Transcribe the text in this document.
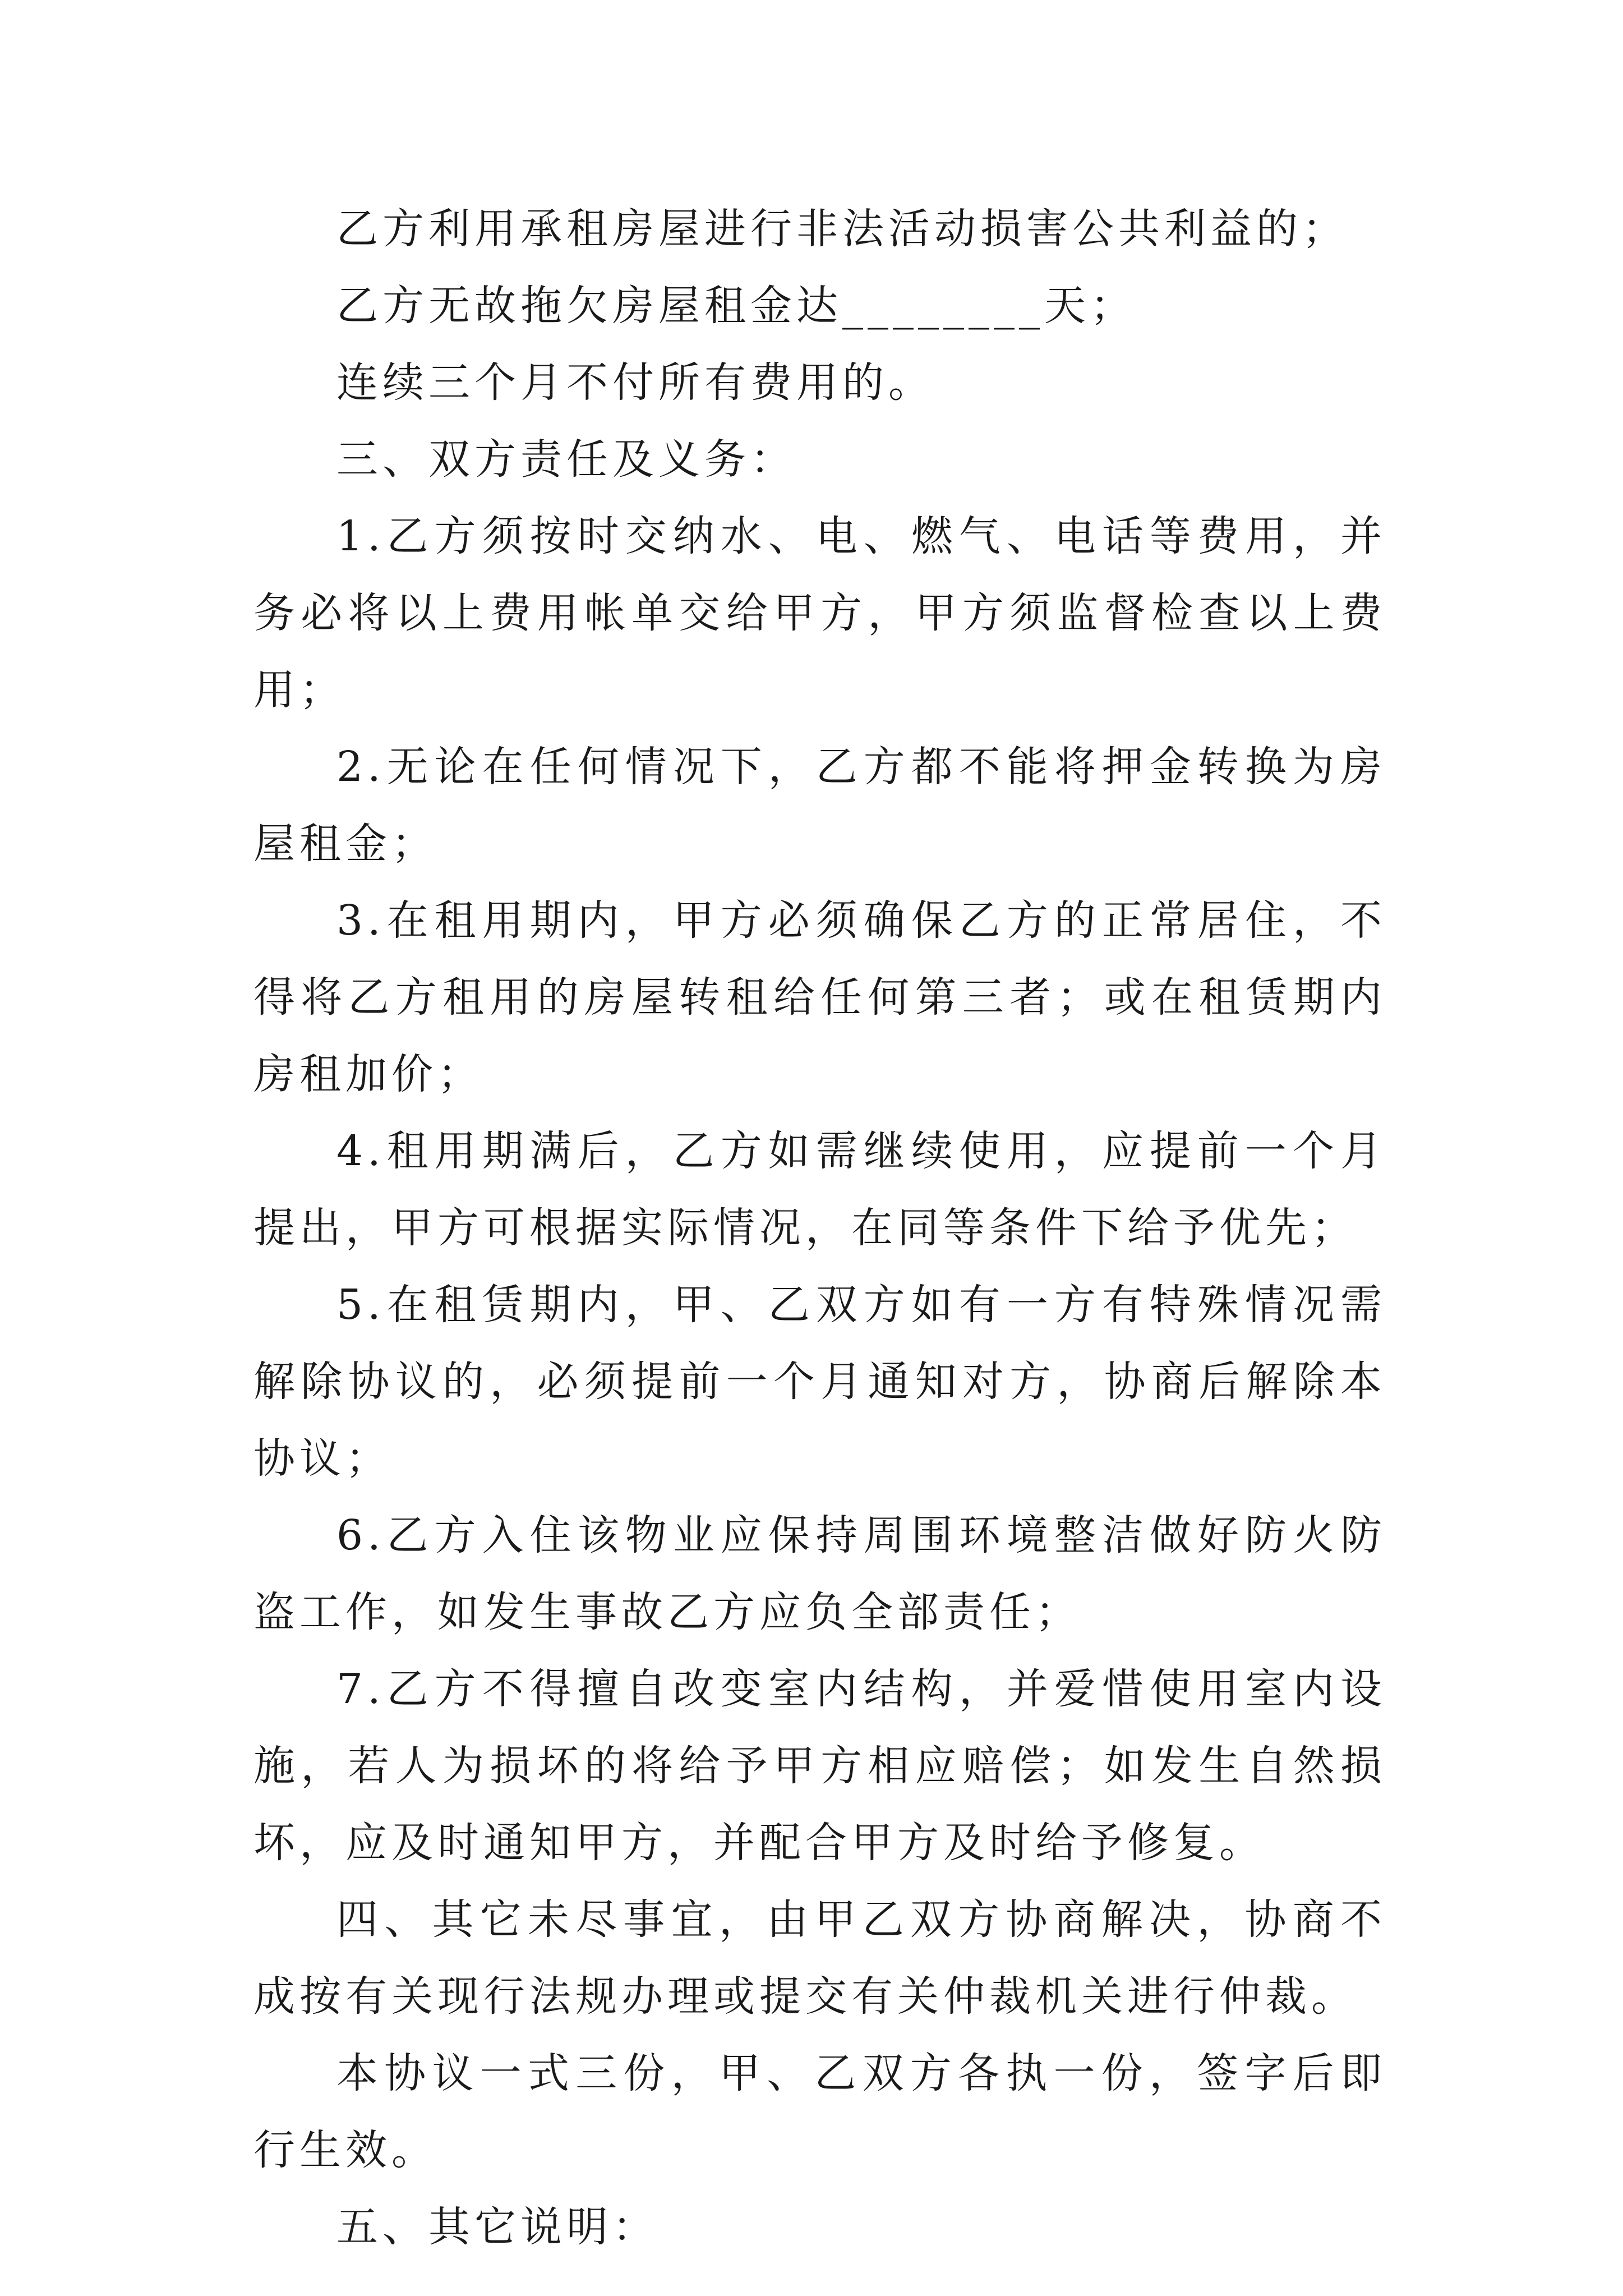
乙方利用承租房屋进行非法活动损害公共利益的；

乙方无故拖欠房屋租金达________天；

连续三个月不付所有费用的。

三、双方责任及义务：

1.乙方须按时交纳水、电、燃气、电话等费用，并务必将以上费用帐单交给甲方，甲方须监督检查以上费用；

2.无论在任何情况下，乙方都不能将押金转换为房屋租金；

3.在租用期内，甲方必须确保乙方的正常居住，不得将乙方租用的房屋转租给任何第三者；或在租赁期内房租加价；

4.租用期满后，乙方如需继续使用，应提前一个月提出，甲方可根据实际情况，在同等条件下给予优先；

5.在租赁期内，甲、乙双方如有一方有特殊情况需解除协议的，必须提前一个月通知对方，协商后解除本协议；

6.乙方入住该物业应保持周围环境整洁做好防火防盗工作，如发生事故乙方应负全部责任；

7.乙方不得擅自改变室内结构，并爱惜使用室内设施，若人为损坏的将给予甲方相应赔偿；如发生自然损坏，应及时通知甲方，并配合甲方及时给予修复。

四、其它未尽事宜，由甲乙双方协商解决，协商不成按有关现行法规办理或提交有关仲裁机关进行仲裁。

本协议一式三份，甲、乙双方各执一份，签字后即行生效。

五、其它说明：
